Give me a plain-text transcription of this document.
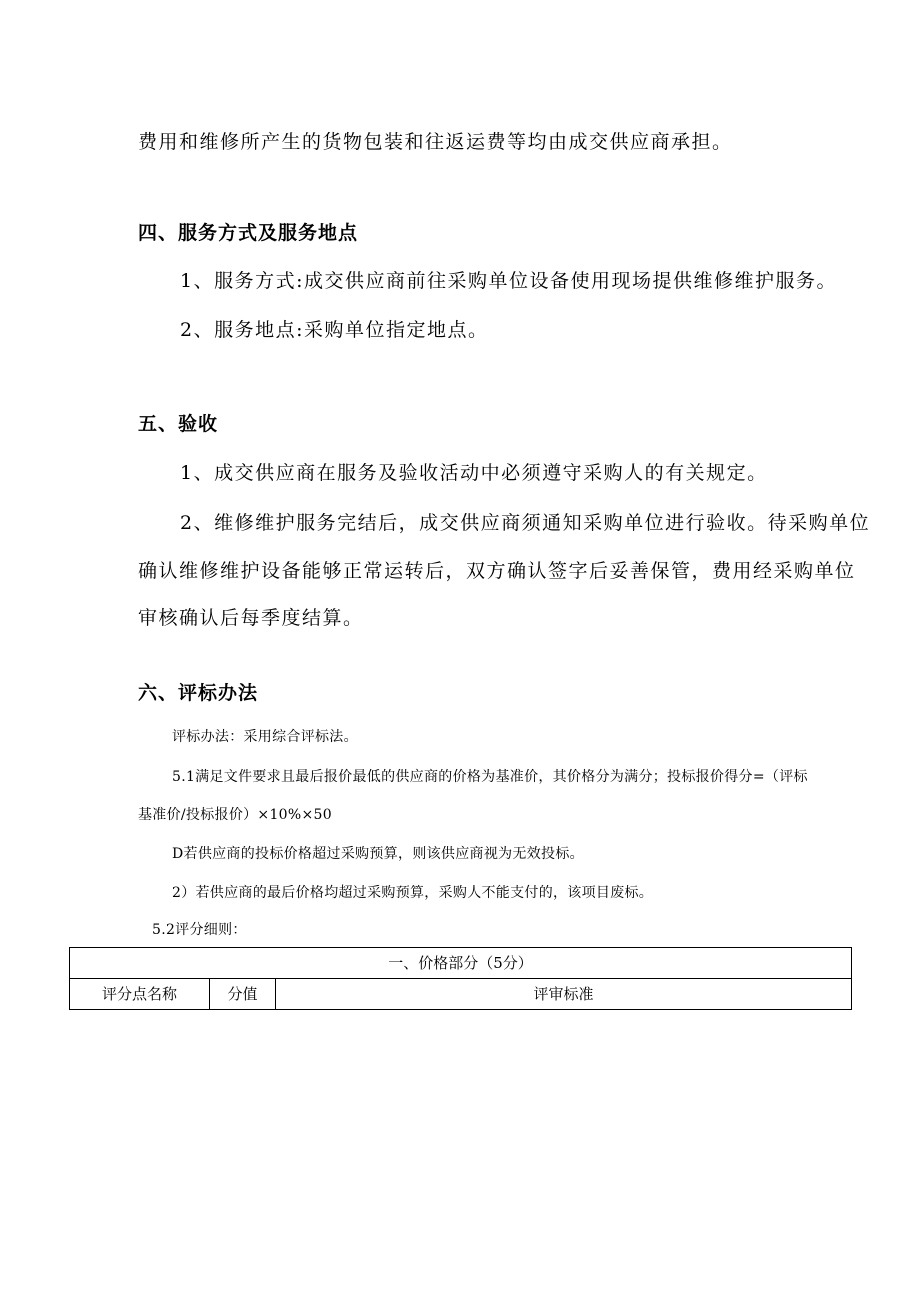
费用和维修所产生的货物包装和往返运费等均由成交供应商承担。

四、服务方式及服务地点

1、服务方式:成交供应商前往采购单位设备使用现场提供维修维护服务。

2、服务地点:采购单位指定地点。

五、验收

1、成交供应商在服务及验收活动中必须遵守采购人的有关规定。

2、维修维护服务完结后，成交供应商须通知采购单位进行验收。待采购单位

确认维修维护设备能够正常运转后，双方确认签字后妥善保管，费用经采购单位

审核确认后每季度结算。

六、评标办法

评标办法：采用综合评标法。

5.1满足文件要求且最后报价最低的供应商的价格为基准价，其价格分为满分；投标报价得分=（评标

基准价/投标报价）×10%×50

D若供应商的投标价格超过采购预算，则该供应商视为无效投标。

2）若供应商的最后价格均超过采购预算，采购人不能支付的，该项目废标。

5.2评分细则：

一、价格部分（5分）
评分点名称	分值	评审标准
